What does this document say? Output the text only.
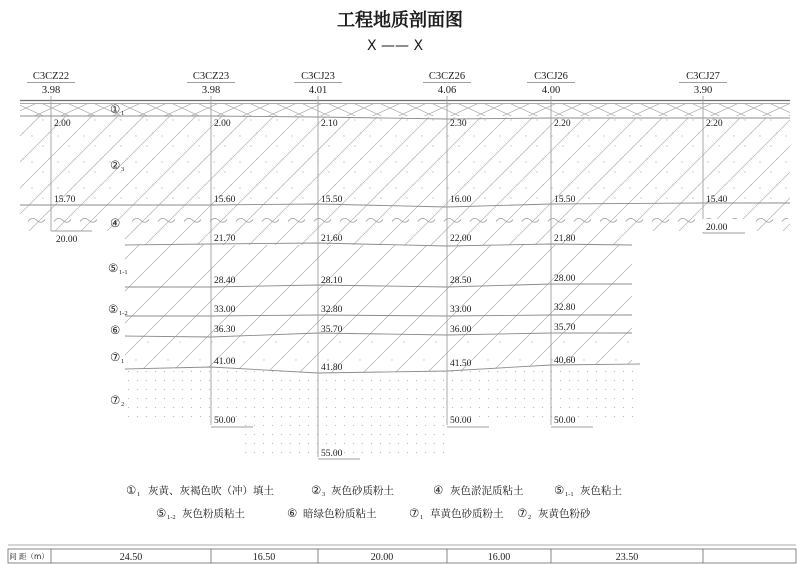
工程地质剖面图
X —— X
C3CZ22
3.98
C3CZ23
3.98
C3CJ23
4.01
C3CZ26
4.06
C3CJ26
4.00
C3CJ27
3.90
2.00
15.70
20.00
2.00
15.60
21.70
28.40
33.00
36.30
41.00
50.00
2.10
15.50
21.60
28.10
32.80
35.70
41.80
55.00
2.30
16.00
22.00
28.50
33.00
36.00
41.50
50.00
2.20
15.50
21.80
28.00
32.80
35.70
40.60
50.00
2.20
15.40
20.00
① 1
② 3
④
⑤ 1-1
⑤ 1-2
⑥
⑦ 1
⑦ 2
① 1 灰黄、灰褐色吹（冲）填土	② 3 灰色砂质粉土	④ 灰色淤泥质粘土	⑤ 1-1 灰色粘土
⑤ 1-2 灰色粉质粘土	⑥ 暗绿色粉质粘土	⑦ 1 草黄色砂质粉土 ⑦ 2 灰黄色粉砂
间 距（m）	24.50	16.50	20.00	16.00	23.50
